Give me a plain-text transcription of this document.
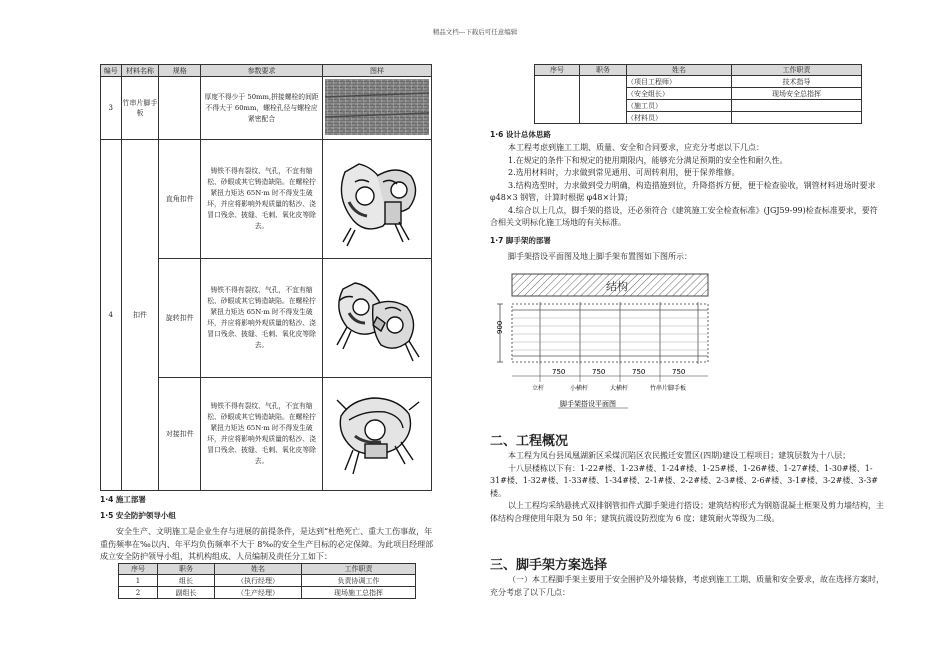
精品文档---下载后可任意编辑
编号	材料名称	规格	参数要求	图样
3	竹串片脚手板		厚度不得少于 50mm,拼接螺栓的间距不得大于 60mm，螺栓孔径与螺栓应紧密配合	
4	扣件	直角扣件	铸铁不得有裂纹、气孔，不宜有缩松、砂眼或其它铸造缺陷。在螺栓拧紧扭力矩达 65N·m 时不得发生破坏，并应将影响外观质量的粘沙、浇冒口残余、披缝、毛刺、氧化皮等除去。	
		旋转扣件	铸铁不得有裂纹、气孔，不宜有缩松、砂眼或其它铸造缺陷。在螺栓拧紧扭力矩达 65N·m 时不得发生破坏，并应将影响外观质量的粘沙、浇冒口残余、披缝、毛刺、氧化皮等除去。	
		对接扣件	铸铁不得有裂纹、气孔，不宜有缩松、砂眼或其它铸造缺陷。在螺栓拧紧扭力矩达 65N·m 时不得发生破坏，并应将影响外观质量的粘沙、浇冒口残余、披缝、毛刺、氧化皮等除去。	
1·4 施工部署
1·5 安全防护领导小组
安全生产、文明施工是企业生存与进展的前提条件，是达到“杜绝死亡、重大工伤事故，年重伤频率在‰以内、年平均负伤频率不大于 8‰的安全生产目标的必定保障。为此项目经理部成立安全防护领导小组，其机构组成、人员编制及责任分工如下：
序号	职务	姓名	工作职责
1	组长	（执行经理）	负责协调工作
2	副组长	（生产经理）	现场施工总指挥
序号	职务	姓名	工作职责
		（项目工程师）	技术指导
		（安全组长）	现场安全总指挥
		（施工员）	
		（材料员）	
1·6 设计总体思路

本工程考虑到施工工期、质量、安全和合同要求，应充分考虑以下几点：

1.在规定的条件下和规定的使用期限内，能够充分满足预期的安全性和耐久性。

2.选用材料时，力求做到常见通用、可周转利用，便于保养维修。

3.结构选型时，力求做到受力明确，构造措施到位，升降搭拆方便，便于检查验收，钢管材料进场时要求 φ48×3 钢管，计算时根据 φ48×计算;

4.综合以上几点，脚手架的搭设，还必须符合《建筑施工安全检查标准》(JGJ59-99)检查标准要求，要符合相关文明标化施工场地的有关标准。

1·7 脚手架的部署
脚手架搭设平面图及地上脚手架布置图如下图所示：
结构
900
750	750	750	750
立杆	小横杆	大横杆	竹串片脚手板
脚手架搭设平面图
二、工程概况

本工程为凤台县凤凰湖新区采煤沉陷区农民搬迁安置区(四期)建设工程项目；建筑层数为十八层；

十八层楼栋以下有：1-22#楼、1-23#楼、1-24#楼、1-25#楼、1-26#楼、1-27#楼、1-30#楼、1-31#楼、1-32#楼、1-33#楼、1-34#楼、2-1#楼、2-2#楼、2-3#楼、2-6#楼、3-1#楼、3-2#楼、3-3#楼。

以上工程均采纳悬挑式双排钢管扣件式脚手架进行搭设；建筑结构形式为钢筋混凝土框架及剪力墙结构，主体结构合理使用年限为 50 年；建筑抗震设防烈度为 6 度；建筑耐火等级为二级。

三、脚手架方案选择
（一）本工程脚手架主要用于安全围护及外墙装修，考虑到施工工期、质量和安全要求，故在选择方案时，充分考虑了以下几点：
